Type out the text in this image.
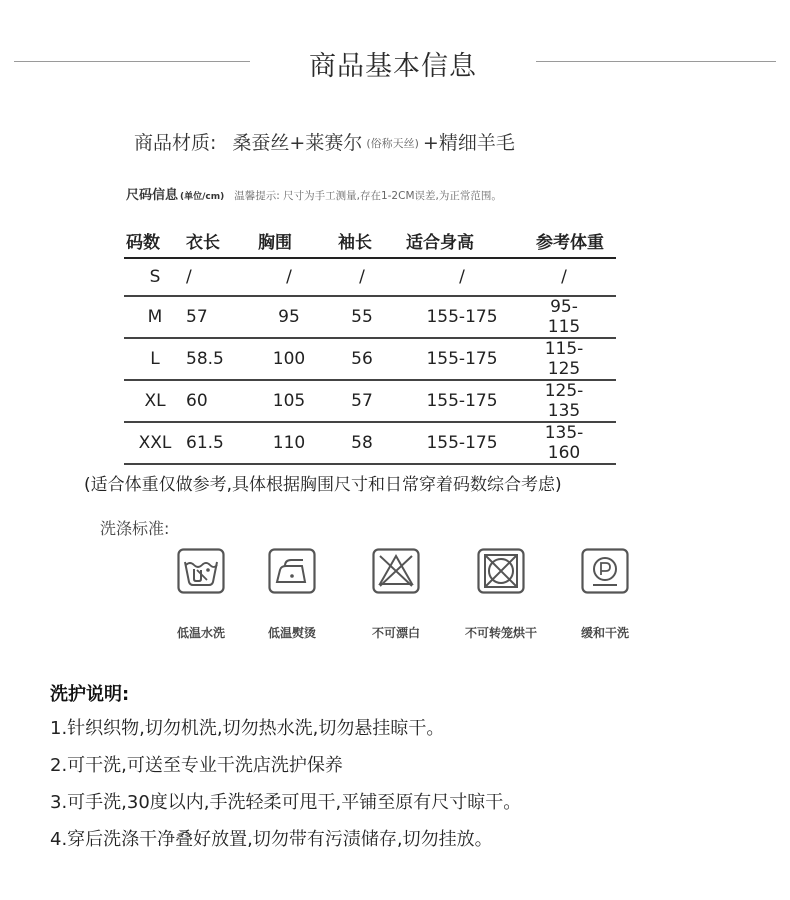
商品基本信息
商品材质: 桑蚕丝+莱赛尔 (俗称天丝) +精细羊毛
尺码信息 (单位/cm) 温馨提示: 尺寸为手工测量,存在1-2CM误差,为正常范围。
码数	衣长	胸围	袖长	适合身高	参考体重
S	/	/	/	/	/
M	57	95	55	155-175	95-115
L	58.5	100	56	155-175	115-125
XL	60	105	57	155-175	125-135
XXL	61.5	110	58	155-175	135-160
(适合体重仅做参考,具体根据胸围尺寸和日常穿着码数综合考虑)
洗涤标准:
低温水洗	低温熨烫	不可漂白	不可转笼烘干	缓和干洗
洗护说明:
1.针织织物,切勿机洗,切勿热水洗,切勿悬挂晾干。
2.可干洗,可送至专业干洗店洗护保养
3.可手洗,30度以内,手洗轻柔可甩干,平铺至原有尺寸晾干。
4.穿后洗涤干净叠好放置,切勿带有污渍储存,切勿挂放。
